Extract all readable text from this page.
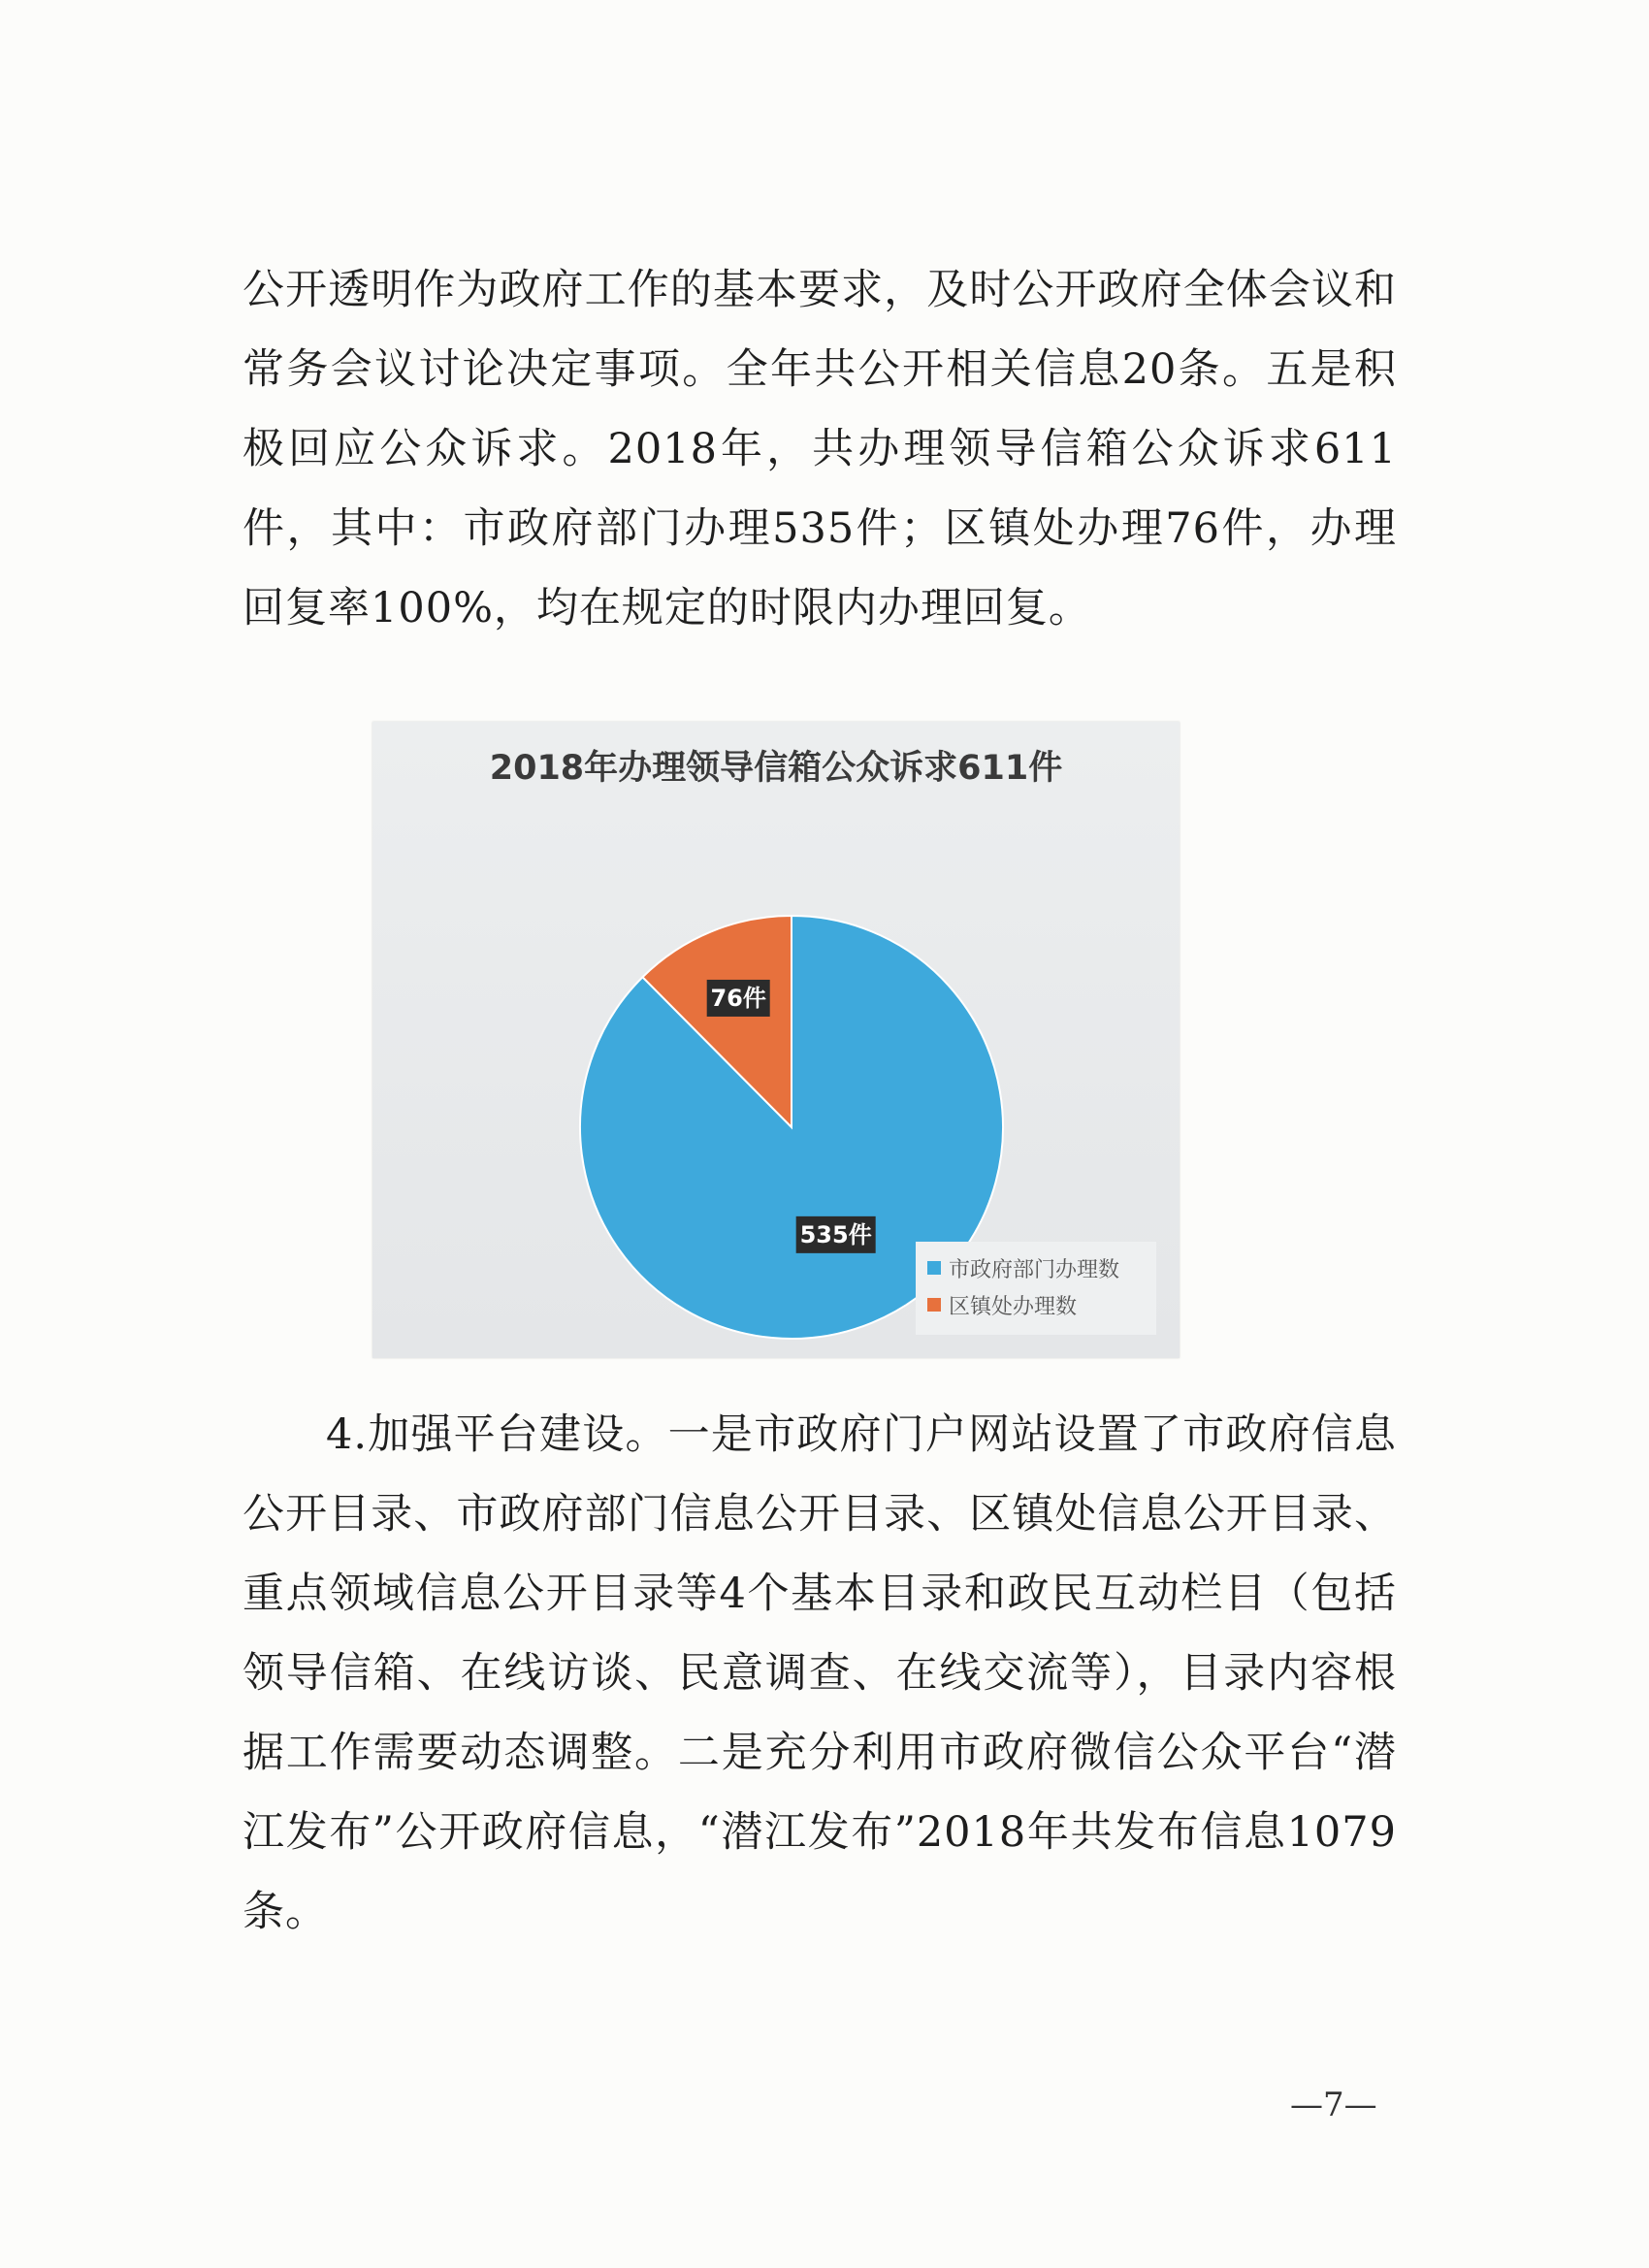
公开透明作为政府工作的基本要求，及时公开政府全体会议和常务会议讨论决定事项。全年共公开相关信息20条。五是积极回应公众诉求。2018年，共办理领导信箱公众诉求611件，其中：市政府部门办理535件；区镇处办理76件，办理回复率100%，均在规定的时限内办理回复。

2018年办理领导信箱公众诉求611件
535件
76件
市政府部门办理数
区镇处办理数

4.加强平台建设。一是市政府门户网站设置了市政府信息公开目录、市政府部门信息公开目录、区镇处信息公开目录、重点领域信息公开目录等4个基本目录和政民互动栏目（包括领导信箱、在线访谈、民意调查、在线交流等），目录内容根据工作需要动态调整。二是充分利用市政府微信公众平台“潜江发布”公开政府信息，“潜江发布”2018年共发布信息1079条。

—7—
